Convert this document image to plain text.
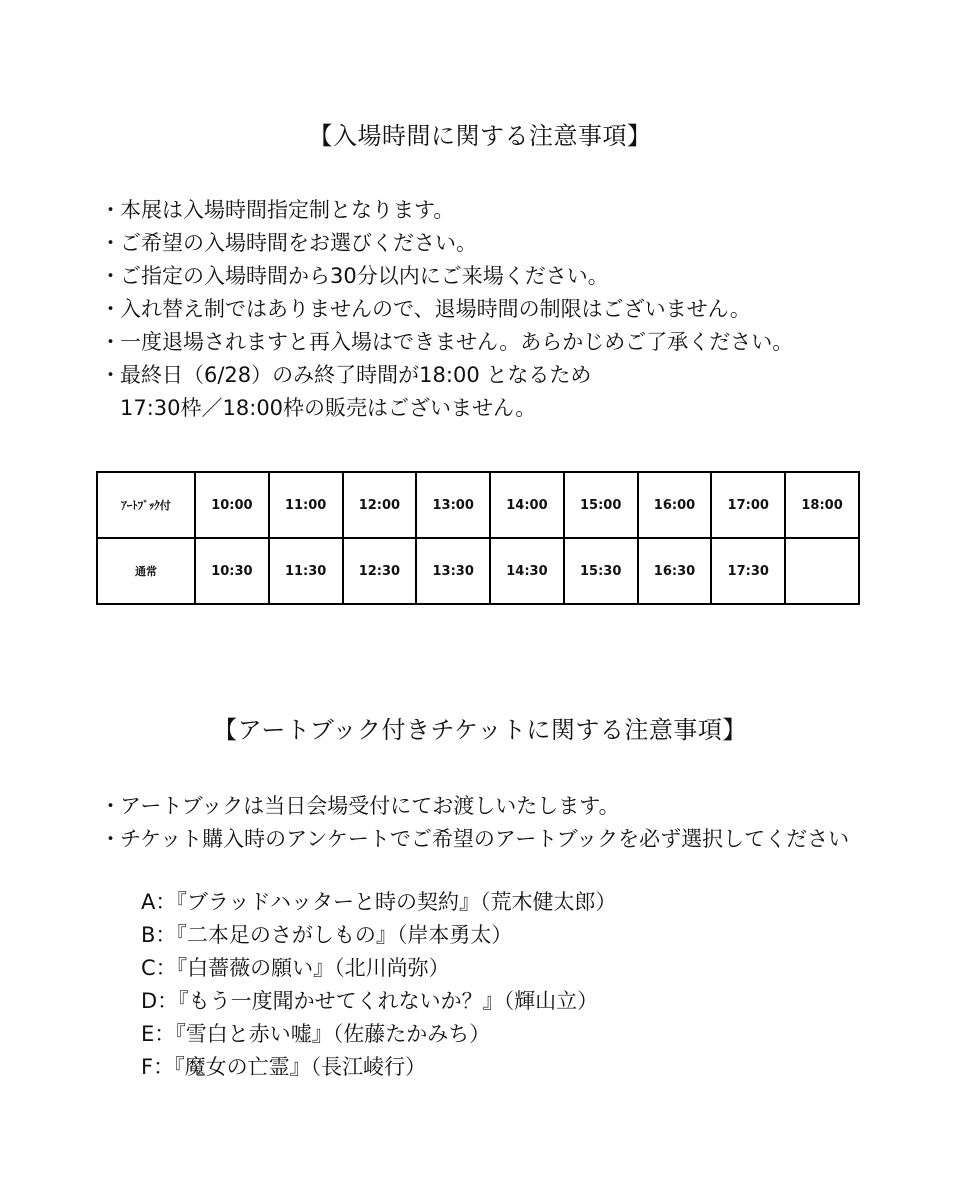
【入場時間に関する注意事項】
・本展は入場時間指定制となります。
・ご希望の入場時間をお選びください。
・ご指定の入場時間から30分以内にご来場ください。
・入れ替え制ではありませんので、退場時間の制限はございません。
・一度退場されますと再入場はできません。あらかじめご了承ください。
・最終日（6/28）のみ終了時間が18:00 となるため
17:30枠／18:00枠の販売はございません。
ｱｰﾄﾌﾞｯｸ付	10:00	11:00	12:00	13:00	14:00	15:00	16:00	17:00	18:00
通常	10:30	11:30	12:30	13:30	14:30	15:30	16:30	17:30	
【アートブック付きチケットに関する注意事項】
・アートブックは当日会場受付にてお渡しいたします。
・チケット購入時のアンケートでご希望のアートブックを必ず選択してください
A：『ブラッドハッターと時の契約』（荒木健太郎）
B：『二本足のさがしもの』（岸本勇太）
C：『白薔薇の願い』（北川尚弥）
D：『もう一度聞かせてくれないか？』（輝山立）
E：『雪白と赤い嘘』（佐藤たかみち）
F：『魔女の亡霊』（長江崚行）
